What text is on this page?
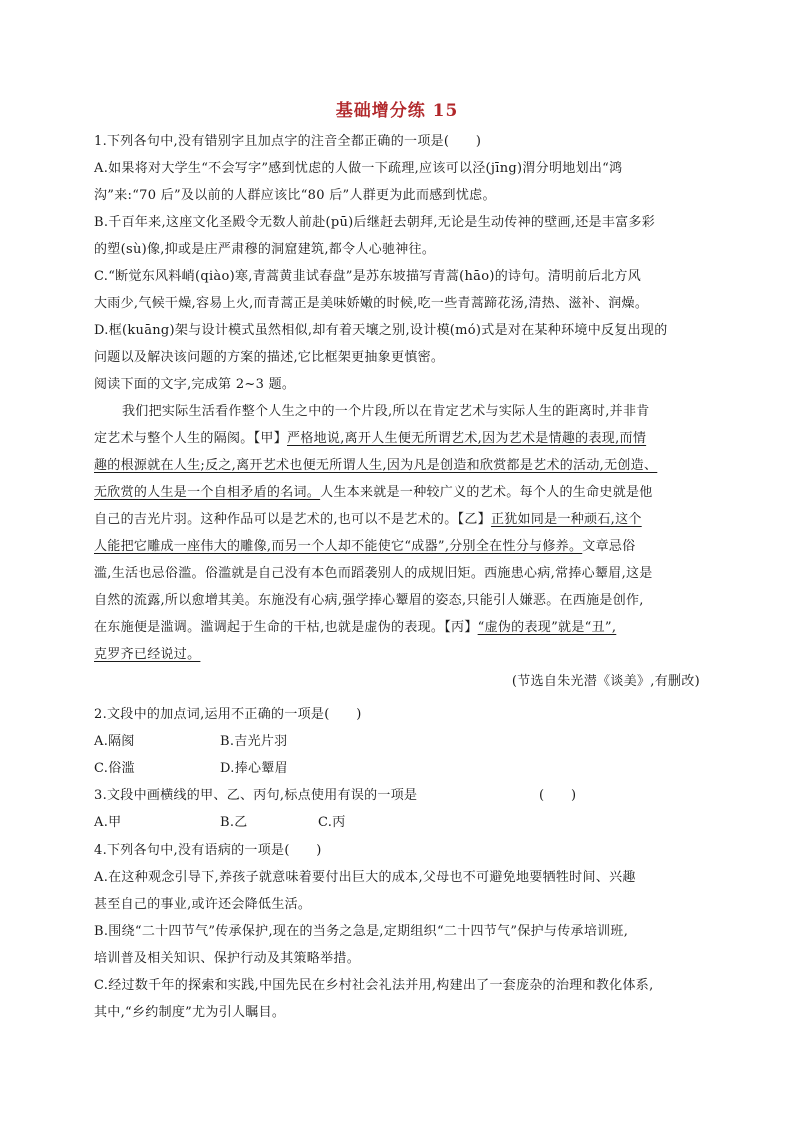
基础增分练 15
1.下列各句中,没有错别字且加点字的注音全都正确的一项是(　　)
A.如果将对大学生“不会写字”感到忧虑的人做一下疏理,应该可以泾(jīng)渭分明地划出“鸿
沟”来:“70 后”及以前的人群应该比“80 后”人群更为此而感到忧虑。
B.千百年来,这座文化圣殿令无数人前赴(pū)后继赶去朝拜,无论是生动传神的壁画,还是丰富多彩
的塑(sù)像,抑或是庄严肃穆的洞窟建筑,都令人心驰神往。
C.“断觉东风料峭(qiào)寒,青蒿黄韭试春盘”是苏东坡描写青蒿(hāo)的诗句。清明前后北方风
大雨少,气候干燥,容易上火,而青蒿正是美味娇嫩的时候,吃一些青蒿蹄花汤,清热、滋补、润燥。
D.框(kuāng)架与设计模式虽然相似,却有着天壤之别,设计模(mó)式是对在某种环境中反复出现的
问题以及解决该问题的方案的描述,它比框架更抽象更慎密。
阅读下面的文字,完成第 2~3 题。
我们把实际生活看作整个人生之中的一个片段,所以在肯定艺术与实际人生的距离时,并非肯
定艺术与整个人生的隔阂。【甲】严格地说,离开人生便无所谓艺术,因为艺术是情趣的表现,而情
趣的根源就在人生;反之,离开艺术也便无所谓人生,因为凡是创造和欣赏都是艺术的活动,无创造、
无欣赏的人生是一个自相矛盾的名词。人生本来就是一种较广义的艺术。每个人的生命史就是他
自己的吉光片羽。这种作品可以是艺术的,也可以不是艺术的。【乙】正犹如同是一种顽石,这个
人能把它雕成一座伟大的雕像,而另一个人却不能使它“成器”,分别全在性分与修养。文章忌俗
滥,生活也忌俗滥。俗滥就是自己没有本色而蹈袭别人的成规旧矩。西施患心病,常捧心颦眉,这是
自然的流露,所以愈增其美。东施没有心病,强学捧心颦眉的姿态,只能引人嫌恶。在西施是创作,
在东施便是滥调。滥调起于生命的干枯,也就是虚伪的表现。【丙】“虚伪的表现”就是“丑”,
克罗齐已经说过。
(节选自朱光潜《谈美》,有删改)
2.文段中的加点词,运用不正确的一项是(　　)
A.隔阂	B.吉光片羽
C.俗滥	D.捧心颦眉
3.文段中画横线的甲、乙、丙句,标点使用有误的一项是	(　　)
A.甲	B.乙	C.丙
4.下列各句中,没有语病的一项是(　　)
A.在这种观念引导下,养孩子就意味着要付出巨大的成本,父母也不可避免地要牺牲时间、兴趣
甚至自己的事业,或许还会降低生活。
B.围绕“二十四节气”传承保护,现在的当务之急是,定期组织“二十四节气”保护与传承培训班,
培训普及相关知识、保护行动及其策略举措。
C.经过数千年的探索和实践,中国先民在乡村社会礼法并用,构建出了一套庞杂的治理和教化体系,
其中,“乡约制度”尤为引人瞩目。
